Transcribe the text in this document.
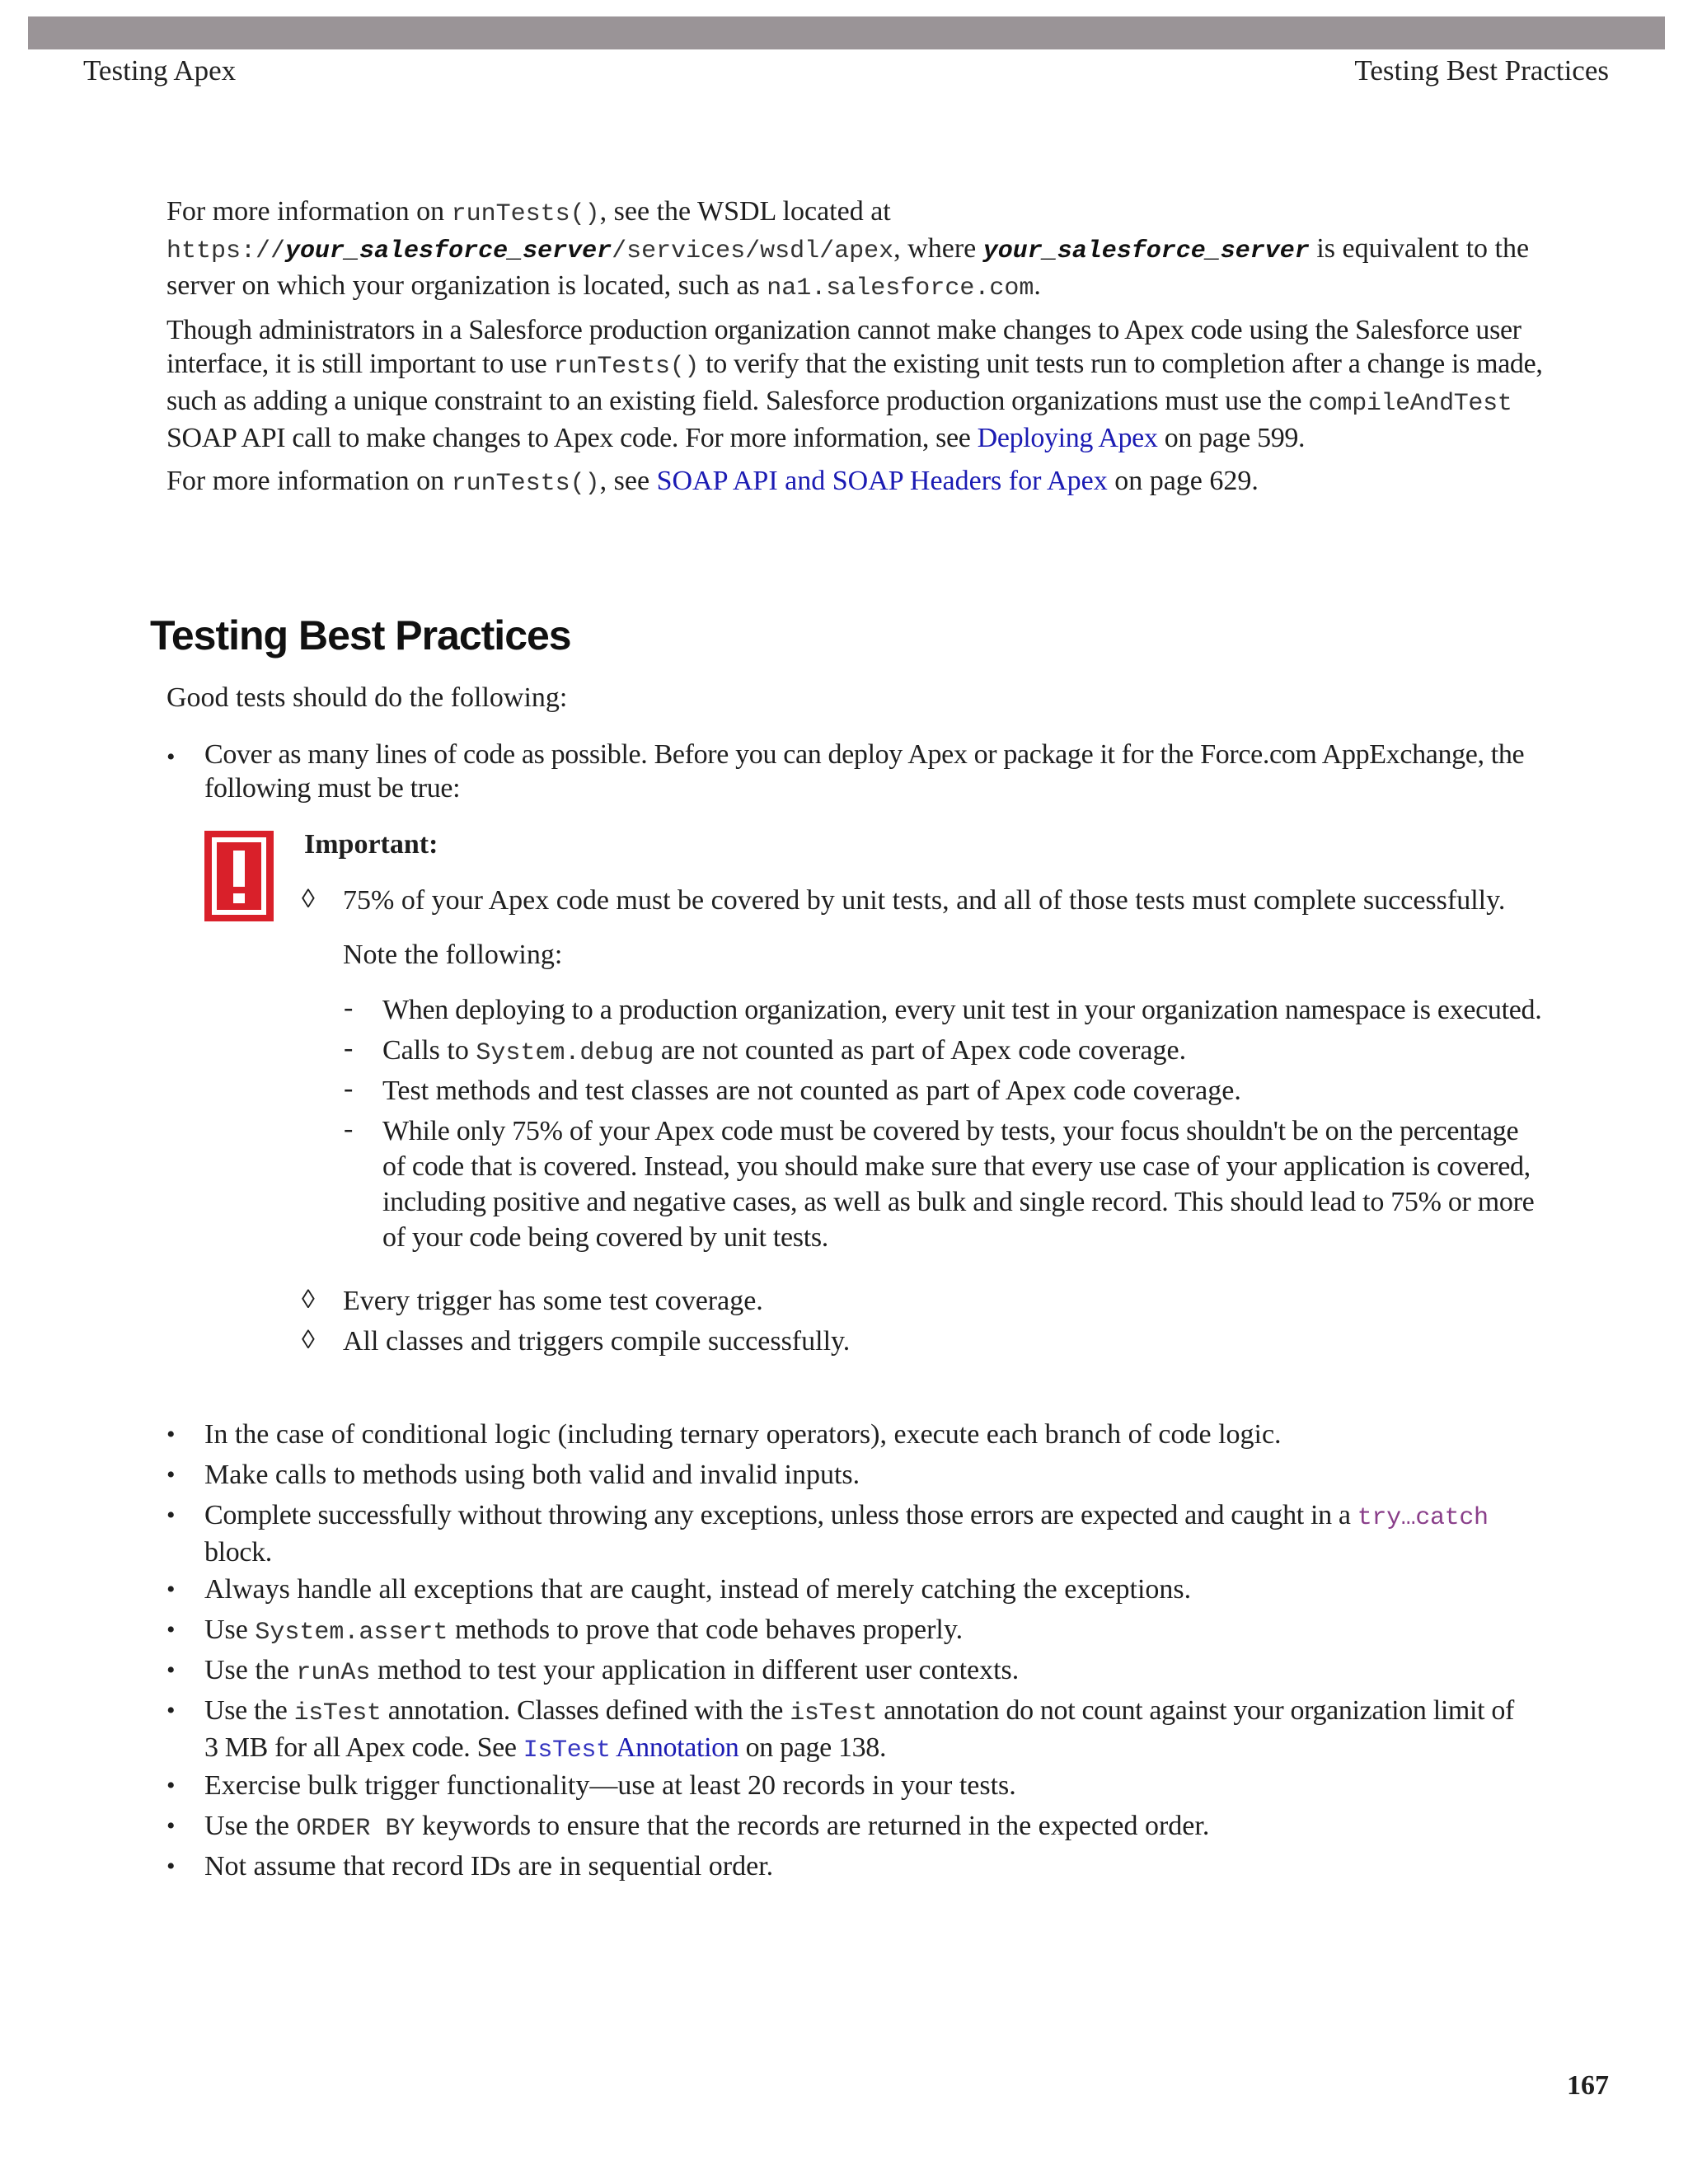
Testing Apex	Testing Best Practices

For more information on runTests(), see the WSDL located at
https://your_salesforce_server/services/wsdl/apex, where your_salesforce_server is equivalent to the
server on which your organization is located, such as na1.salesforce.com.

Though administrators in a Salesforce production organization cannot make changes to Apex code using the Salesforce user
interface, it is still important to use runTests() to verify that the existing unit tests run to completion after a change is made,
such as adding a unique constraint to an existing field. Salesforce production organizations must use the compileAndTest
SOAP API call to make changes to Apex code. For more information, see Deploying Apex on page 599.

For more information on runTests(), see SOAP API and SOAP Headers for Apex on page 629.

Testing Best Practices

Good tests should do the following:

• Cover as many lines of code as possible. Before you can deploy Apex or package it for the Force.com AppExchange, the
following must be true:

Important:
◊ 75% of your Apex code must be covered by unit tests, and all of those tests must complete successfully.

Note the following:

- When deploying to a production organization, every unit test in your organization namespace is executed.

- Calls to System.debug are not counted as part of Apex code coverage.

- Test methods and test classes are not counted as part of Apex code coverage.

- While only 75% of your Apex code must be covered by tests, your focus shouldn't be on the percentage
of code that is covered. Instead, you should make sure that every use case of your application is covered,
including positive and negative cases, as well as bulk and single record. This should lead to 75% or more
of your code being covered by unit tests.

◊ Every trigger has some test coverage.

◊ All classes and triggers compile successfully.

• In the case of conditional logic (including ternary operators), execute each branch of code logic.

• Make calls to methods using both valid and invalid inputs.

• Complete successfully without throwing any exceptions, unless those errors are expected and caught in a try…catch
block.

• Always handle all exceptions that are caught, instead of merely catching the exceptions.

• Use System.assert methods to prove that code behaves properly.

• Use the runAs method to test your application in different user contexts.

• Use the isTest annotation. Classes defined with the isTest annotation do not count against your organization limit of
3 MB for all Apex code. See IsTest Annotation on page 138.

• Exercise bulk trigger functionality—use at least 20 records in your tests.

• Use the ORDER BY keywords to ensure that the records are returned in the expected order.

• Not assume that record IDs are in sequential order.

167
